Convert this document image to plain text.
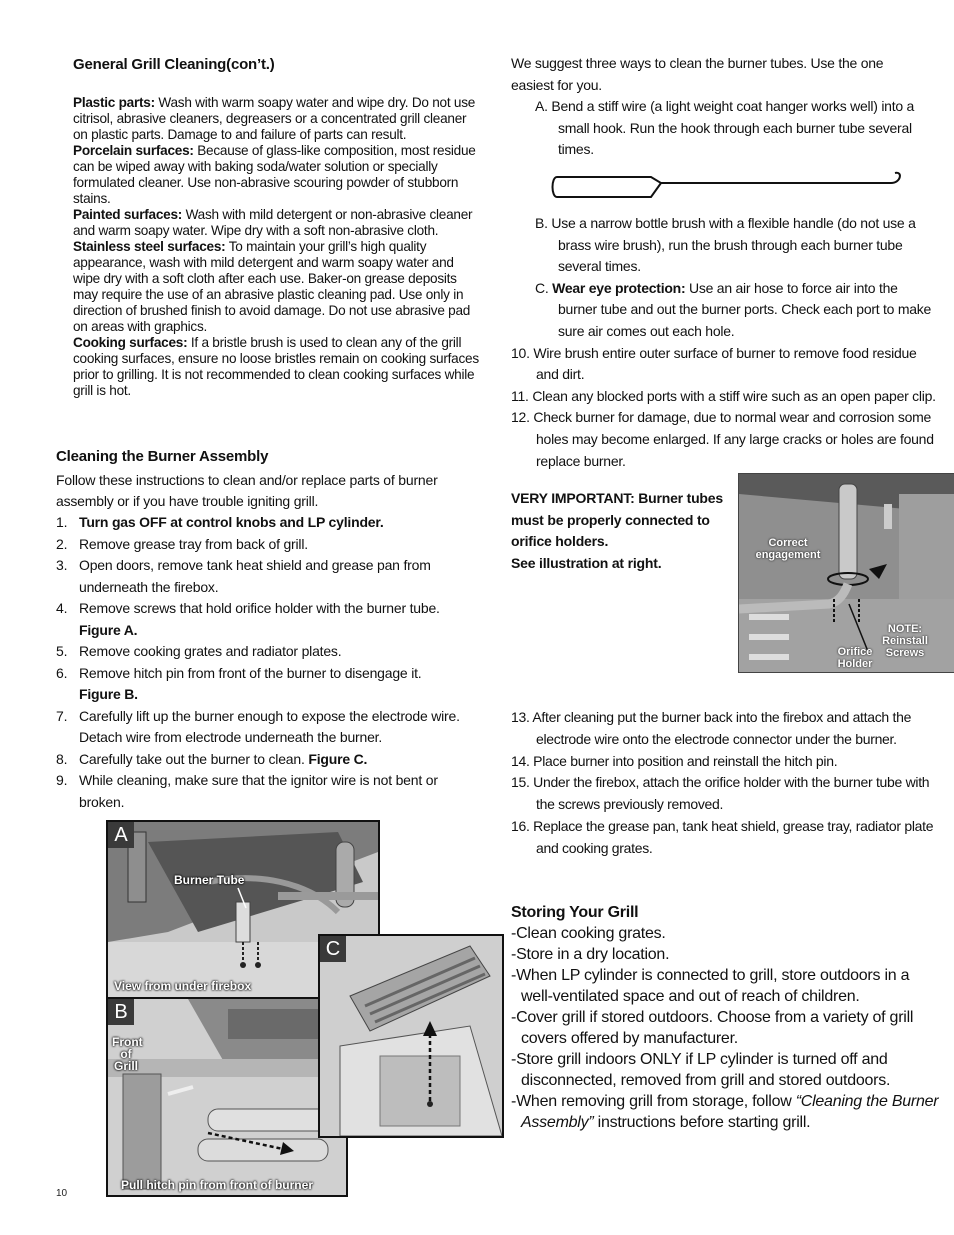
General Grill Cleaning(con’t.)

Plastic parts: Wash with warm soapy water and wipe dry. Do not use citrisol, abrasive cleaners, degreasers or a concentrated grill cleaner on plastic parts. Damage to and failure of parts can result.

Porcelain surfaces: Because of glass-like composition, most residue can be wiped away with baking soda/water solution or specially formulated cleaner. Use non-abrasive scouring powder of stubborn stains.

Painted surfaces: Wash with mild detergent or non-abrasive cleaner and warm soapy water. Wipe dry with a soft non-abrasive cloth.

Stainless steel surfaces: To maintain your grill’s high quality appearance, wash with mild detergent and warm soapy water and wipe dry with a soft cloth after each use. Baker-on grease deposits may require the use of an abrasive plastic cleaning pad. Use only in direction of brushed finish to avoid damage. Do not use abrasive pad on areas with graphics.

Cooking surfaces: If a bristle brush is used to clean any of the grill cooking surfaces, ensure no loose bristles remain on cooking surfaces prior to grilling. It is not recommended to clean cooking surfaces while grill is hot.

Cleaning the Burner Assembly

Follow these instructions to clean and/or replace parts of burner

assembly or if you have trouble igniting grill.

1. Turn gas OFF at control knobs and LP cylinder.
2. Remove grease tray from back of grill.
3. Open doors, remove tank heat shield and grease pan from underneath the firebox.
4. Remove screws that hold orifice holder with the burner tube.
Figure A.
5. Remove cooking grates and radiator plates.
6. Remove hitch pin from front of the burner to disengage it.
Figure B.
7. Carefully lift up the burner enough to expose the electrode wire. Detach wire from electrode underneath the burner.
8. Carefully take out the burner to clean. Figure C.
9. While cleaning, make sure that the ignitor wire is not bent or broken.
A
Burner Tube
View from under firebox
B
Front
of
Grill
Pull hitch pin from front of burner
C

We suggest three ways to clean the burner tubes. Use the one

easiest for you.

A. Bend a stiff wire (a light weight coat hanger works well) into a small hook. Run the hook through each burner tube several times.

B. Use a narrow bottle brush with a flexible handle (do not use a brass wire brush), run the brush through each burner tube several times.

C. Wear eye protection: Use an air hose to force air into the burner tube and out the burner ports. Check each port to make sure air comes out each hole.

10. Wire brush entire outer surface of burner to remove food residue and dirt.

11. Clean any blocked ports with a stiff wire such as an open paper clip.

12. Check burner for damage, due to normal wear and corrosion some holes may become enlarged. If any large cracks or holes are found replace burner.

VERY IMPORTANT: Burner tubes

must be properly connected to

orifice holders.

See illustration at right.

Correct
engagement
NOTE:
Reinstall
Screws
Orifice
Holder

13. After cleaning put the burner back into the firebox and attach the electrode wire onto the electrode connector under the burner.

14. Place burner into position and reinstall the hitch pin.

15. Under the firebox, attach the orifice holder with the burner tube with the screws previously removed.

16. Replace the grease pan, tank heat shield, grease tray, radiator plate and cooking grates.

Storing Your Grill

-Clean cooking grates.

-Store in a dry location.

-When LP cylinder is connected to grill, store outdoors in a well-ventilated space and out of reach of children.

-Cover grill if stored outdoors. Choose from a variety of grill covers offered by manufacturer.

-Store grill indoors ONLY if LP cylinder is turned off and disconnected, removed from grill and stored outdoors.

-When removing grill from storage, follow “Cleaning the Burner Assembly” instructions before starting grill.

10
